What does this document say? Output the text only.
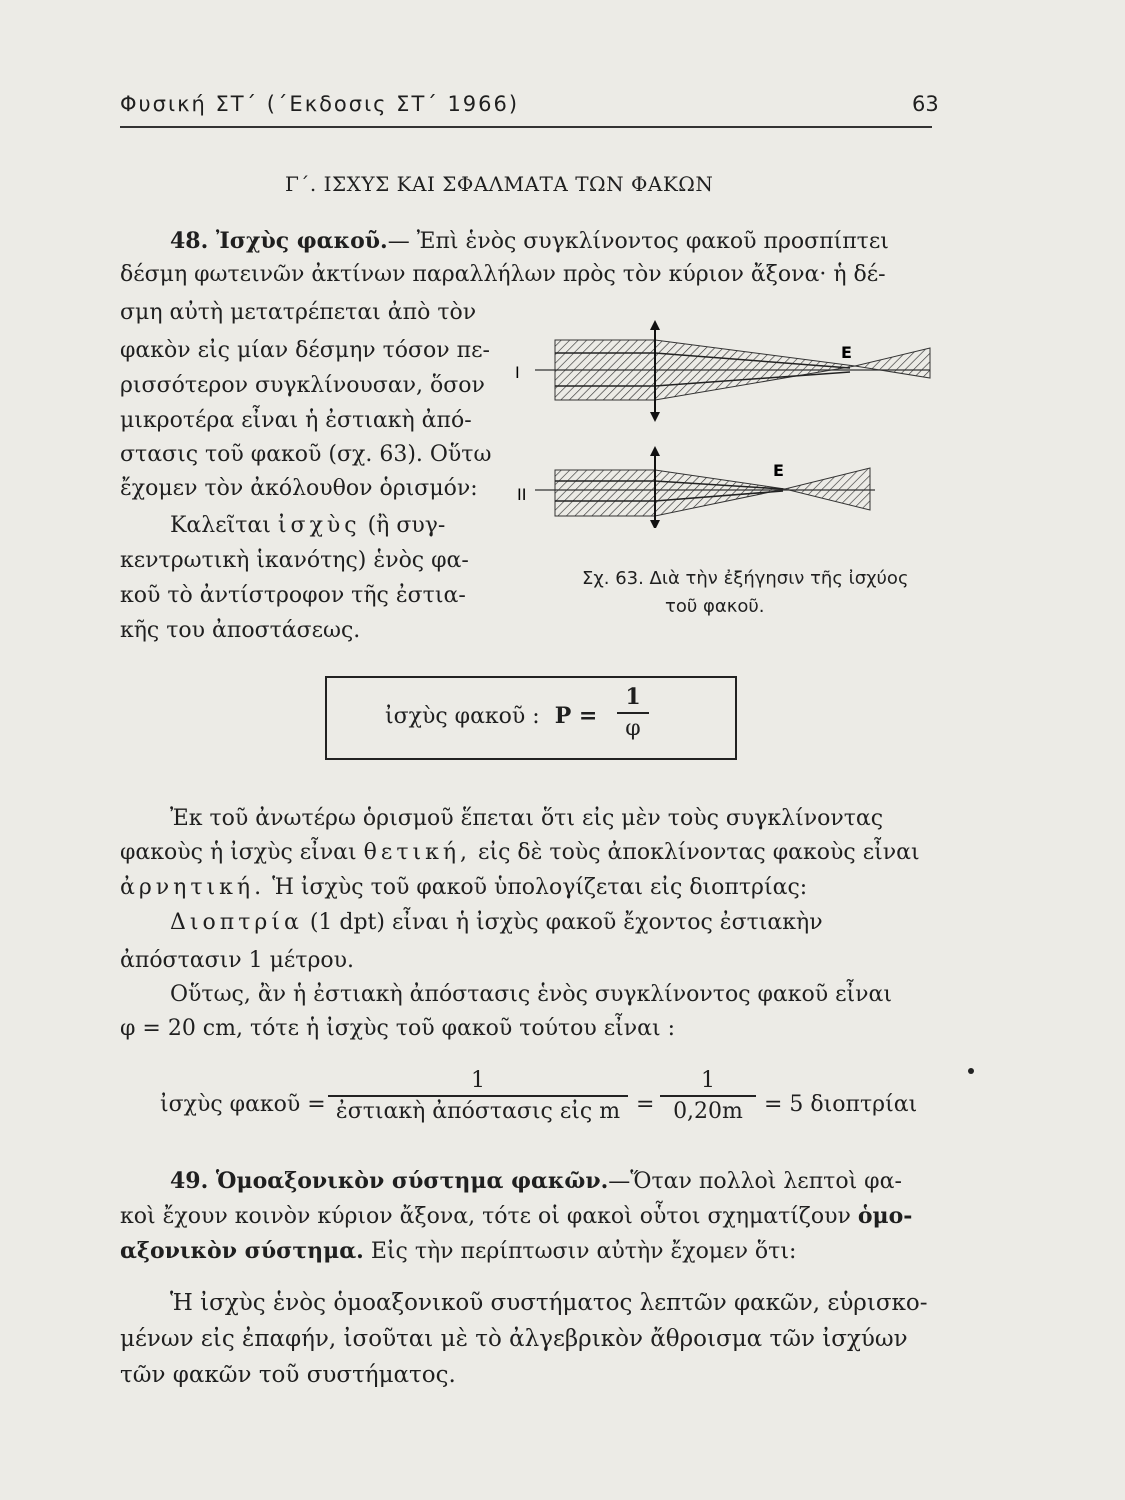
Φυσική ΣΤ΄ (΄Εκδοσις ΣΤ΄ 1966)	63
Γ΄. ΙΣΧΥΣ ΚΑΙ ΣΦΑΛΜΑΤΑ ΤΩΝ ΦΑΚΩΝ
48. Ἰσχὺς φακοῦ.— Ἐπὶ ἑνὸς συγκλίνοντος φακοῦ προσπίπτει
δέσμη φωτεινῶν ἀκτίνων παραλλήλων πρὸς τὸν κύριον ἄξονα· ἡ δέ-
σμη αὐτὴ μετατρέπεται ἀπὸ τὸν
φακὸν εἰς μίαν δέσμην τόσον πε-
ρισσότερον συγκλίνουσαν, ὅσον
μικροτέρα εἶναι ἡ ἐστιακὴ ἀπό-
στασις τοῦ φακοῦ (σχ. 63). Οὕτω
ἔχομεν τὸν ἀκόλουθον ὁρισμόν:
Καλεῖται ἰσχὺς (ἢ συγ-
κεντρωτικὴ ἱκανότης) ἑνὸς φα-
κοῦ τὸ ἀντίστροφον τῆς ἐστια-
κῆς του ἀποστάσεως.
I
E
II
E
Σχ. 63. Διὰ τὴν ἐξήγησιν τῆς ἰσχύος
τοῦ φακοῦ.
ἰσχὺς φακοῦ : P =
1
φ
Ἐκ τοῦ ἀνωτέρω ὁρισμοῦ ἕπεται ὅτι εἰς μὲν τοὺς συγκλίνοντας
φακοὺς ἡ ἰσχὺς εἶναι θετική, εἰς δὲ τοὺς ἀποκλίνοντας φακοὺς εἶναι
ἀρνητική. Ἡ ἰσχὺς τοῦ φακοῦ ὑπολογίζεται εἰς διοπτρίας:
Διοπτρία (1 dpt) εἶναι ἡ ἰσχὺς φακοῦ ἔχοντος ἐστιακὴν
ἀπόστασιν 1 μέτρου.
Οὕτως, ἂν ἡ ἐστιακὴ ἀπόστασις ἑνὸς συγκλίνοντος φακοῦ εἶναι
φ = 20 cm, τότε ἡ ἰσχὺς τοῦ φακοῦ τούτου εἶναι :
ἰσχὺς φακοῦ =
1
ἐστιακὴ ἀπόστασις εἰς m =
1
0,20m = 5 διοπτρίαι
49. Ὁμοαξονικὸν σύστημα φακῶν.—Ὅταν πολλοὶ λεπτοὶ φα-
κοὶ ἔχουν κοινὸν κύριον ἄξονα, τότε οἱ φακοὶ οὗτοι σχηματίζουν ὁμο-
αξονικὸν σύστημα. Εἰς τὴν περίπτωσιν αὐτὴν ἔχομεν ὅτι:
Ἡ ἰσχὺς ἑνὸς ὁμοαξονικοῦ συστήματος λεπτῶν φακῶν, εὑρισκο-
μένων εἰς ἐπαφήν, ἰσοῦται μὲ τὸ ἀλγεβρικὸν ἄθροισμα τῶν ἰσχύων
τῶν φακῶν τοῦ συστήματος.
